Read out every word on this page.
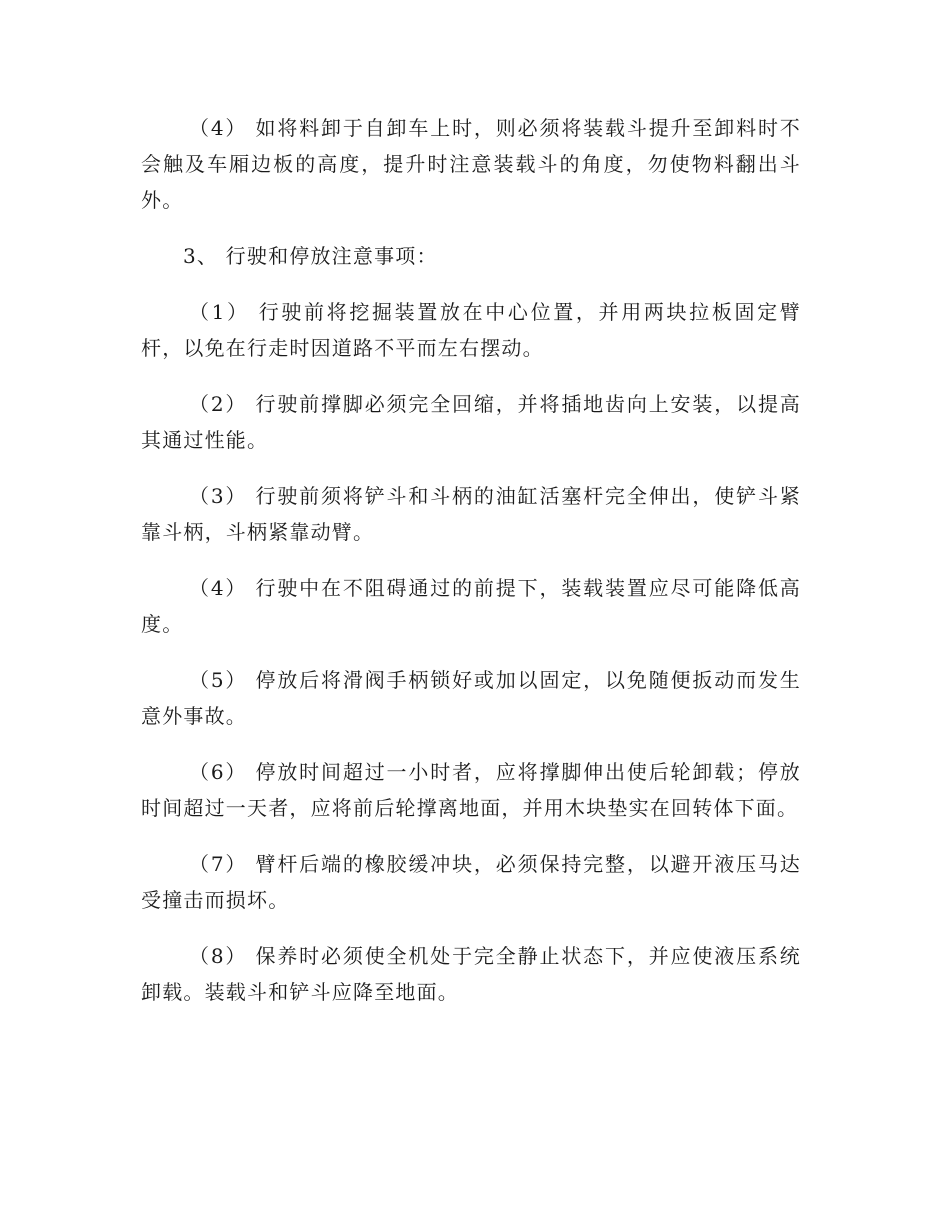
（4） 如将料卸于自卸车上时，则必须将装载斗提升至卸料时不会触及车厢边板的高度，提升时注意装载斗的角度，勿使物料翻出斗外。

3、 行驶和停放注意事项：

（1） 行驶前将挖掘装置放在中心位置，并用两块拉板固定臂杆，以免在行走时因道路不平而左右摆动。

（2） 行驶前撑脚必须完全回缩，并将插地齿向上安装，以提高其通过性能。

（3） 行驶前须将铲斗和斗柄的油缸活塞杆完全伸出，使铲斗紧靠斗柄，斗柄紧靠动臂。

（4） 行驶中在不阻碍通过的前提下，装载装置应尽可能降低高度。

（5） 停放后将滑阀手柄锁好或加以固定，以免随便扳动而发生意外事故。

（6） 停放时间超过一小时者，应将撑脚伸出使后轮卸载；停放时间超过一天者，应将前后轮撑离地面，并用木块垫实在回转体下面。

（7） 臂杆后端的橡胶缓冲块，必须保持完整，以避开液压马达受撞击而损坏。

（8） 保养时必须使全机处于完全静止状态下，并应使液压系统卸载。装载斗和铲斗应降至地面。
